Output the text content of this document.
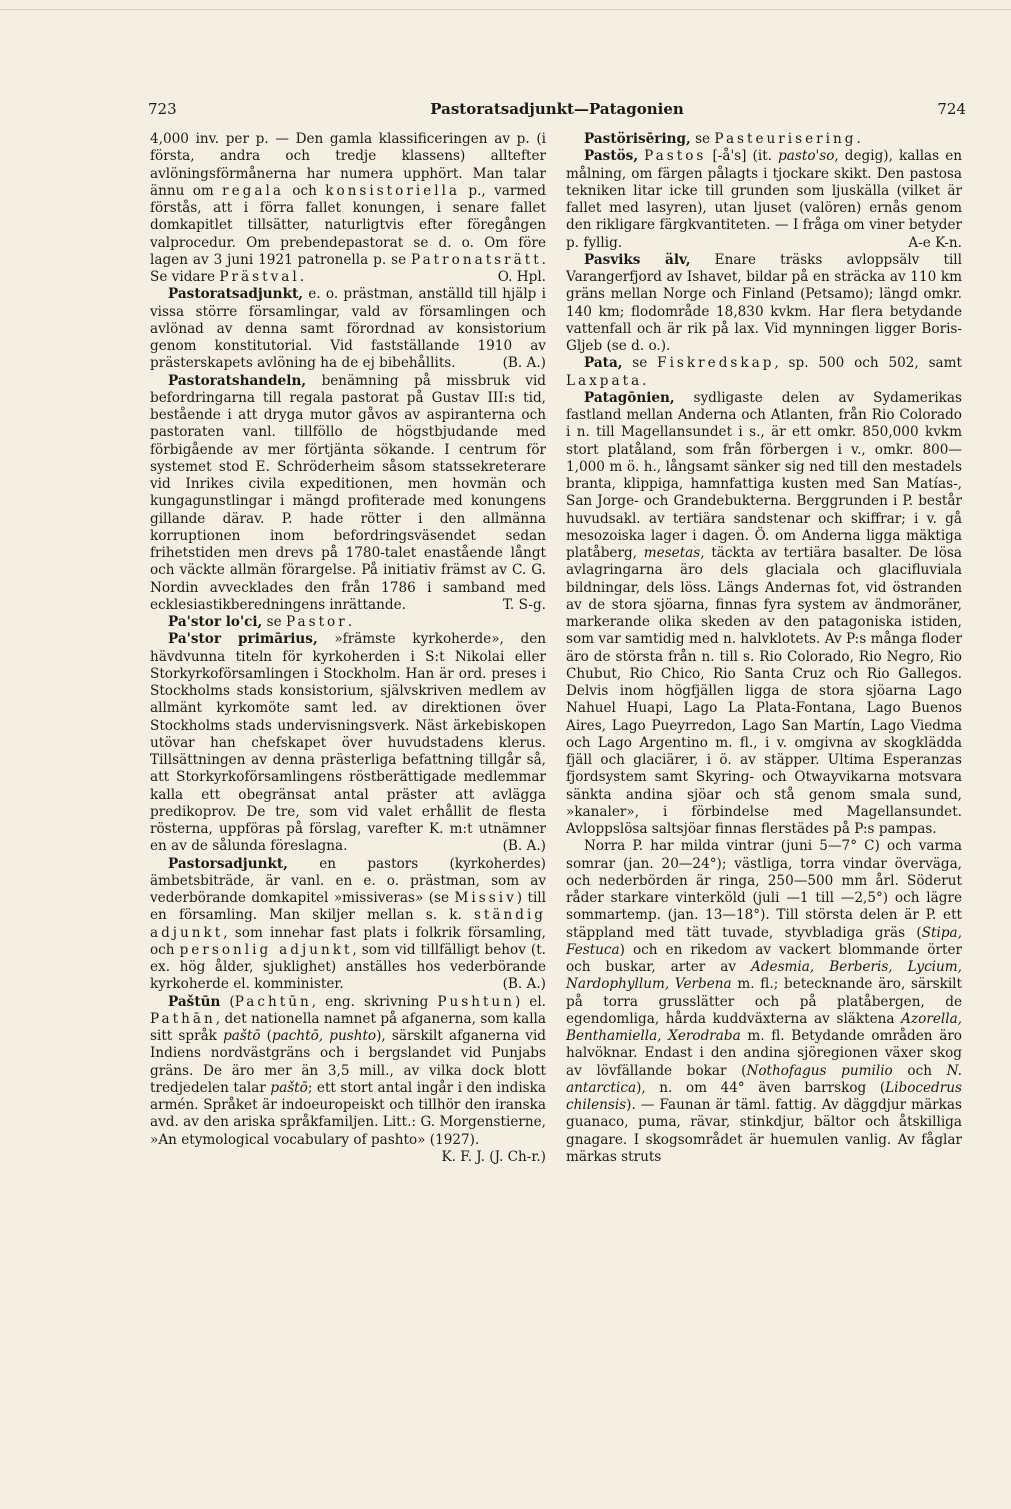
723	Pastoratsadjunkt—Patagonien	724

4,000 inv. per p. — Den gamla klassificeringen av p. (i första, andra och tredje klassens) alltefter avlöningsförmånerna har numera upphört. Man talar ännu om regala och konsistoriella p., varmed förstås, att i förra fallet konungen, i senare fallet domkapitlet tillsätter, naturligtvis efter föregången valprocedur. Om prebendepastorat se d. o. Om före lagen av 3 juni 1921 patronella p. se Patronatsrätt. Se vidare Prästval.	O. Hpl.

Pastoratsadjunkt, e. o. prästman, anställd till hjälp i vissa större församlingar, vald av församlingen och avlönad av denna samt förordnad av konsistorium genom konstitutorial. Vid fastställande 1910 av prästerskapets avlöning ha de ej bibehållits.	(B. A.)

Pastoratshandeln, benämning på missbruk vid befordringarna till regala pastorat på Gustav III:s tid, bestående i att dryga mutor gåvos av aspiranterna och pastoraten vanl. tillföllo de högstbjudande med förbigående av mer förtjänta sökande. I centrum för systemet stod E. Schröderheim såsom statssekreterare vid Inrikes civila expeditionen, men hovmän och kungagunstlingar i mängd profiterade med konungens gillande därav. P. hade rötter i den allmänna korruptionen inom befordringsväsendet sedan frihetstiden men drevs på 1780-talet enastående långt och väckte allmän förargelse. På initiativ främst av C. G. Nordin avvecklades den från 1786 i samband med ecklesiastikberedningens inrättande.	T. S-g.

Pa'stor lo'ci, se Pastor.

Pa'stor primārius, »främste kyrkoherde», den hävdvunna titeln för kyrkoherden i S:t Nikolai eller Storkyrkoförsamlingen i Stockholm. Han är ord. preses i Stockholms stads konsistorium, självskriven medlem av allmänt kyrkomöte samt led. av direktionen över Stockholms stads undervisningsverk. Näst ärkebiskopen utövar han chefskapet över huvudstadens klerus. Tillsättningen av denna prästerliga befattning tillgår så, att Storkyrkoförsamlingens röstberättigade medlemmar kalla ett obegränsat antal präster att avlägga predikoprov. De tre, som vid valet erhållit de flesta rösterna, uppföras på förslag, varefter K. m:t utnämner en av de sålunda föreslagna.	(B. A.)

Pastorsadjunkt, en pastors (kyrkoherdes) ämbetsbiträde, är vanl. en e. o. prästman, som av vederbörande domkapitel »missiveras» (se Missiv) till en församling. Man skiljer mellan s. k. ständig adjunkt, som innehar fast plats i folkrik församling, och personlig adjunkt, som vid tillfälligt behov (t. ex. hög ålder, sjuklighet) anställes hos vederbörande kyrkoherde el. komminister.	(B. A.)

Paštūn (Pachtūn, eng. skrivning Pushtun) el. Pathān, det nationella namnet på afganerna, som kalla sitt språk paštō (pachtō, pushto), särskilt afganerna vid Indiens nordvästgräns och i bergslandet vid Punjabs gräns. De äro mer än 3,5 mill., av vilka dock blott tredjedelen talar paštō; ett stort antal ingår i den indiska armén. Språket är indoeuropeiskt och tillhör den iranska avd. av den ariska språkfamiljen. Litt.: G. Morgenstierne, »An etymological vocabulary of pashto» (1927).
K. F. J. (J. Ch-r.)

Pastörisēring, se Pasteurisering.

Pastös, Pastos [-å's] (it. pasto'so, degig), kallas en målning, om färgen pålagts i tjockare skikt. Den pastosa tekniken litar icke till grunden som ljuskälla (vilket är fallet med lasyren), utan ljuset (valören) ernås genom den rikligare färgkvantiteten. — I fråga om viner betyder p. fyllig.	A-e K-n.

Pasviks älv, Enare träsks avloppsälv till Varangerfjord av Ishavet, bildar på en sträcka av 110 km gräns mellan Norge och Finland (Petsamo); längd omkr. 140 km; flodområde 18,830 kvkm. Har flera betydande vattenfall och är rik på lax. Vid mynningen ligger Boris-Gljeb (se d. o.).

Pata, se Fiskredskap, sp. 500 och 502, samt Laxpata.

Patagōnien, sydligaste delen av Sydamerikas fastland mellan Anderna och Atlanten, från Rio Colorado i n. till Magellansundet i s., är ett omkr. 850,000 kvkm stort platåland, som från förbergen i v., omkr. 800—1,000 m ö. h., långsamt sänker sig ned till den mestadels branta, klippiga, hamnfattiga kusten med San Matías-, San Jorge- och Grandebukterna. Berggrunden i P. består huvudsakl. av tertiära sandstenar och skiffrar; i v. gå mesozoiska lager i dagen. Ö. om Anderna ligga mäktiga platåberg, mesetas, täckta av tertiära basalter. De lösa avlagringarna äro dels glaciala och glacifluviala bildningar, dels löss. Längs Andernas fot, vid östranden av de stora sjöarna, finnas fyra system av ändmoräner, markerande olika skeden av den patagoniska istiden, som var samtidig med n. halvklotets. Av P:s många floder äro de största från n. till s. Rio Colorado, Rio Negro, Rio Chubut, Rio Chico, Rio Santa Cruz och Rio Gallegos. Delvis inom högfjällen ligga de stora sjöarna Lago Nahuel Huapi, Lago La Plata-Fontana, Lago Buenos Aires, Lago Pueyrredon, Lago San Martín, Lago Viedma och Lago Argentino m. fl., i v. omgivna av skogklädda fjäll och glaciärer, i ö. av stäpper. Ultima Esperanzas fjordsystem samt Skyring- och Otwayvikarna motsvara sänkta andina sjöar och stå genom smala sund, »kanaler», i förbindelse med Magellansundet. Avloppslösa saltsjöar finnas flerstädes på P:s pampas.

Norra P. har milda vintrar (juni 5—7° C) och varma somrar (jan. 20—24°); västliga, torra vindar överväga, och nederbörden är ringa, 250—500 mm årl. Söderut råder starkare vinterköld (juli —1 till —2,5°) och lägre sommartemp. (jan. 13—18°). Till största delen är P. ett stäppland med tätt tuvade, styvbladiga gräs (Stipa, Festuca) och en rikedom av vackert blommande örter och buskar, arter av Adesmia, Berberis, Lycium, Nardophyllum, Verbena m. fl.; betecknande äro, särskilt på torra grusslätter och på platåbergen, de egendomliga, hårda kuddväxterna av släktena Azorella, Benthamiella, Xerodraba m. fl. Betydande områden äro halvöknar. Endast i den andina sjöregionen växer skog av lövfällande bokar (Nothofagus pumilio och N. antarctica), n. om 44° även barrskog (Libocedrus chilensis). — Faunan är täml. fattig. Av däggdjur märkas guanaco, puma, rävar, stinkdjur, bältor och åtskilliga gnagare. I skogsområdet är huemulen vanlig. Av fåglar märkas struts
